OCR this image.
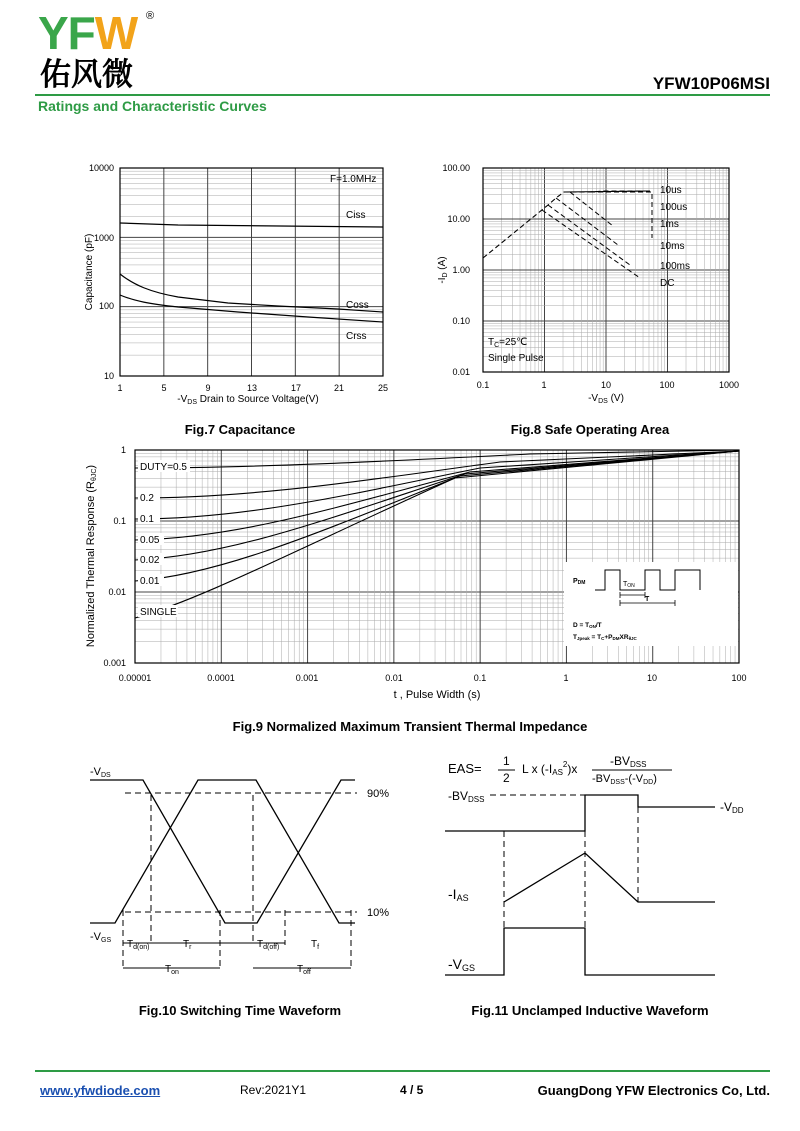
YFW ®
佑风微	YFW10P06MSI
Ratings and Characteristic Curves
10000
1000
100
10
1	5	9	13	17	21	25
$-V_{DS}$ Drain to Source Voltage(V)
Capacitance (pF)
F=1.0MHz
Ciss
Coss
Crss
Fig.7 Capacitance
100.00
10.00
1.00
0.10
0.01
0.1	1	10	100	1000
$-V_{DS}$ (V)
$-I_D$ (A)
10us
100us
1ms
10ms
100ms
DC
$T_C=25℃$
Single Pulse
Fig.8 Safe Operating Area
1
0.1
0.01
0.001
0.00001	0.0001	0.001	0.01	0.1	1	10	100
t , Pulse Width (s)
Normalized Thermal Response (RθJC)	DUTY=0.5
0.2
0.1
0.05
0.02
0.01
SINGLE
PDM	TON
T
D = TON/T
TJpeak = TC+PDMXRθJC
Fig.9 Normalized Maximum Transient Thermal Impedance
-VDS
-VGS
90%
10%
$T_{d(on)}$	$T_r$	$T_{d(off)}$	$T_f$
$T_{on}$	$T_{off}$
Fig.10 Switching Time Waveform
EAS= 1
2
L x (-IAS$^2$)x
-BVDSS
-BVDSS-(-VDD)
-BVDSS
-VDD
-IAS
-VGS
Fig.11 Unclamped Inductive Waveform
www.yfwdiode.com	Rev:2021Y1	4 / 5	GuangDong YFW Electronics Co, Ltd.
